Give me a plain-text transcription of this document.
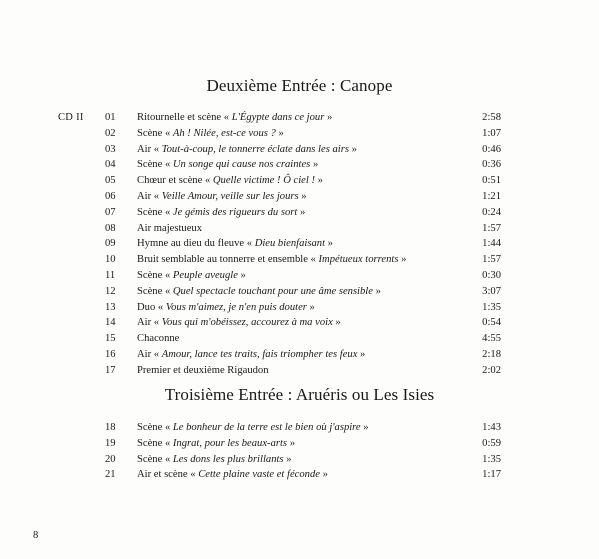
Deuxième Entrée : Canope
CD II 01	Ritournelle et scène « L'Égypte dans ce jour »	2:58
02	Scène « Ah ! Nilée, est-ce vous ? »	1:07
03	Air « Tout-à-coup, le tonnerre éclate dans les airs »	0:46
04	Scène « Un songe qui cause nos craintes »	0:36
05	Chœur et scène « Quelle victime ! Ô ciel ! »	0:51
06	Air « Veille Amour, veille sur les jours »	1:21
07	Scène « Je gémis des rigueurs du sort »	0:24
08	Air majestueux	1:57
09	Hymne au dieu du fleuve « Dieu bienfaisant »	1:44
10	Bruit semblable au tonnerre et ensemble « Impétueux torrents »	1:57
11	Scène « Peuple aveugle »	0:30
12	Scène « Quel spectacle touchant pour une âme sensible »	3:07
13	Duo « Vous m'aimez, je n'en puis douter »	1:35
14	Air « Vous qui m'obéissez, accourez à ma voix »	0:54
15	Chaconne	4:55
16	Air « Amour, lance tes traits, fais triompher tes feux »	2:18
17	Premier et deuxième Rigaudon	2:02
Troisième Entrée : Aruéris ou Les Isies
18	Scène « Le bonheur de la terre est le bien où j'aspire »	1:43
19	Scène « Ingrat, pour les beaux-arts »	0:59
20	Scène « Les dons les plus brillants »	1:35
21	Air et scène « Cette plaine vaste et féconde »	1:17
8
